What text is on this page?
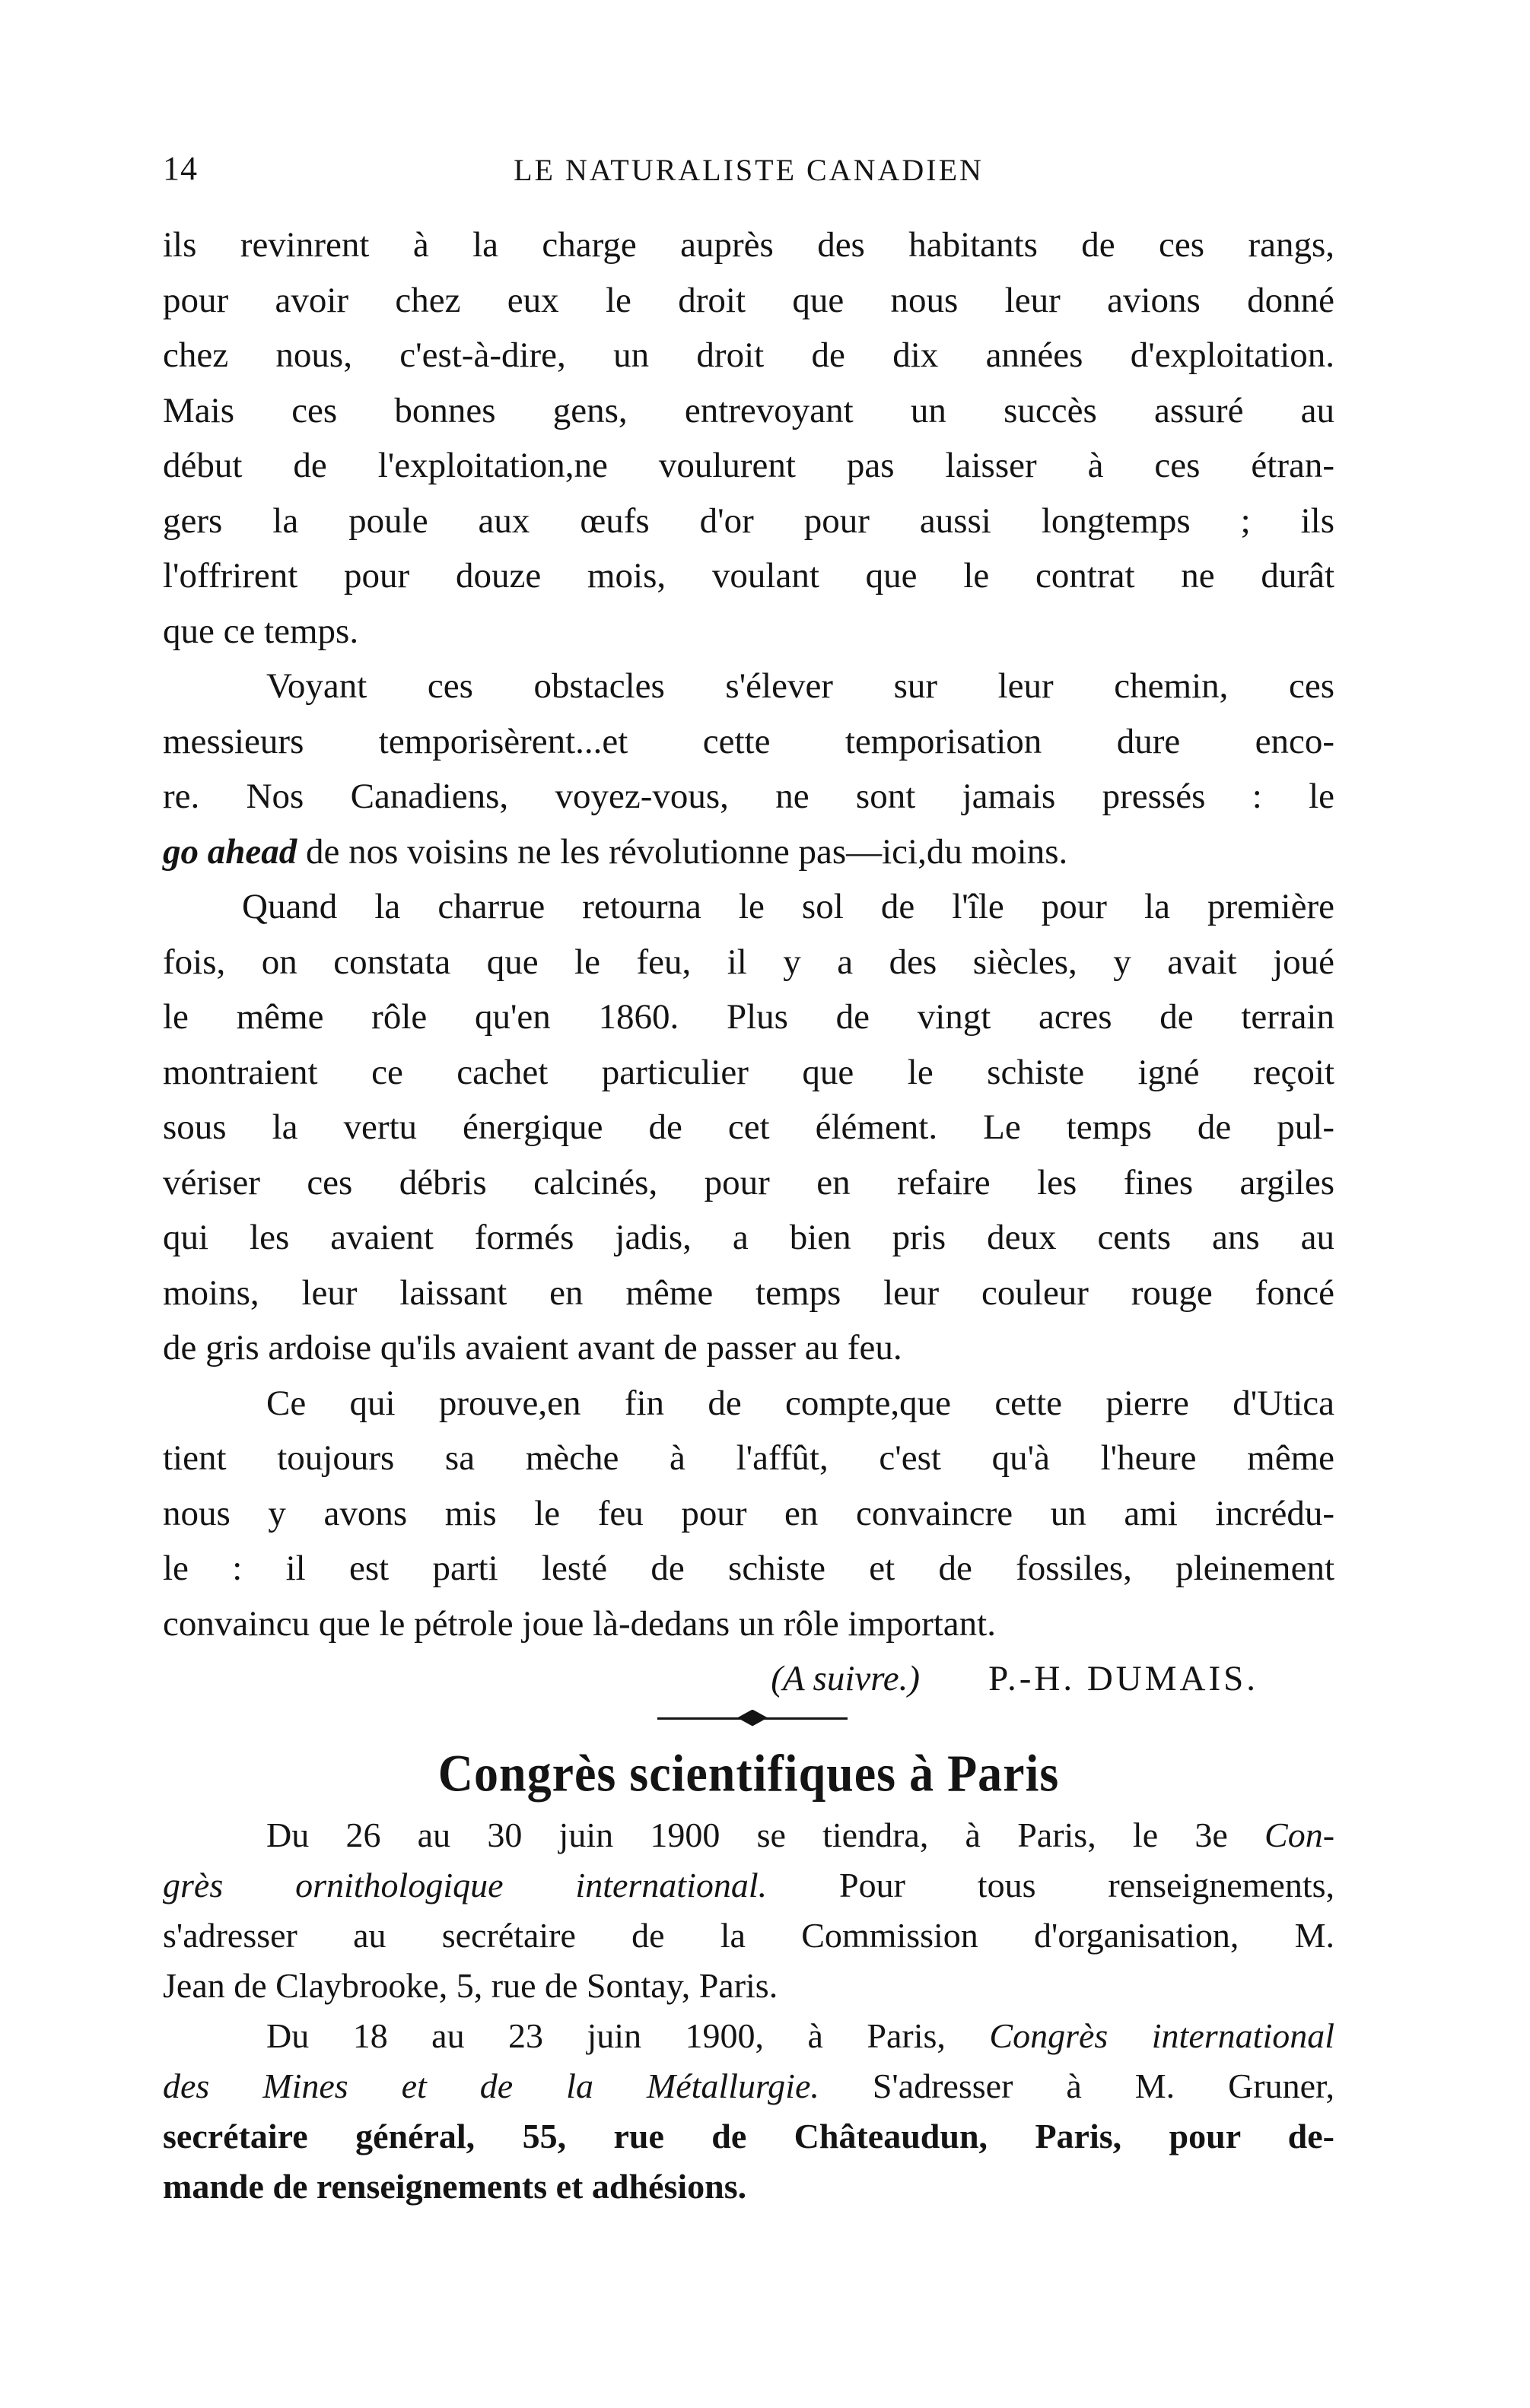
14	LE NATURALISTE CANADIEN
ils revinrent à la charge auprès des habitants de ces rangs,
pour avoir chez eux le droit que nous leur avions donné
chez nous, c'est-à-dire, un droit de dix années d'exploitation.
Mais ces bonnes gens, entrevoyant un succès assuré au
début de l'exploitation,ne voulurent pas laisser à ces étran-
gers la poule aux œufs d'or pour aussi longtemps ; ils
l'offrirent pour douze mois, voulant que le contrat ne durât
que ce temps.
Voyant ces obstacles s'élever sur leur chemin, ces
messieurs temporisèrent...et cette temporisation dure enco-
re. Nos Canadiens, voyez-vous, ne sont jamais pressés : le
go ahead de nos voisins ne les révolutionne pas—ici,du moins.
Quand la charrue retourna le sol de l'île pour la première
fois, on constata que le feu, il y a des siècles, y avait joué
le même rôle qu'en 1860. Plus de vingt acres de terrain
montraient ce cachet particulier que le schiste igné reçoit
sous la vertu énergique de cet élément. Le temps de pul-
vériser ces débris calcinés, pour en refaire les fines argiles
qui les avaient formés jadis, a bien pris deux cents ans au
moins, leur laissant en même temps leur couleur rouge foncé
de gris ardoise qu'ils avaient avant de passer au feu.
Ce qui prouve,en fin de compte,que cette pierre d'Utica
tient toujours sa mèche à l'affût, c'est qu'à l'heure même
nous y avons mis le feu pour en convaincre un ami incrédu-
le : il est parti lesté de schiste et de fossiles, pleinement
convaincu que le pétrole joue là-dedans un rôle important.
(A suivre.) P.-H. DUMAIS.
Congrès scientifiques à Paris
Du 26 au 30 juin 1900 se tiendra, à Paris, le 3e Con-
grès ornithologique international. Pour tous renseignements,
s'adresser au secrétaire de la Commission d'organisation, M.
Jean de Claybrooke, 5, rue de Sontay, Paris.
Du 18 au 23 juin 1900, à Paris, Congrès international
des Mines et de la Métallurgie. S'adresser à M. Gruner,
secrétaire général, 55, rue de Châteaudun, Paris, pour de-
mande de renseignements et adhésions.
